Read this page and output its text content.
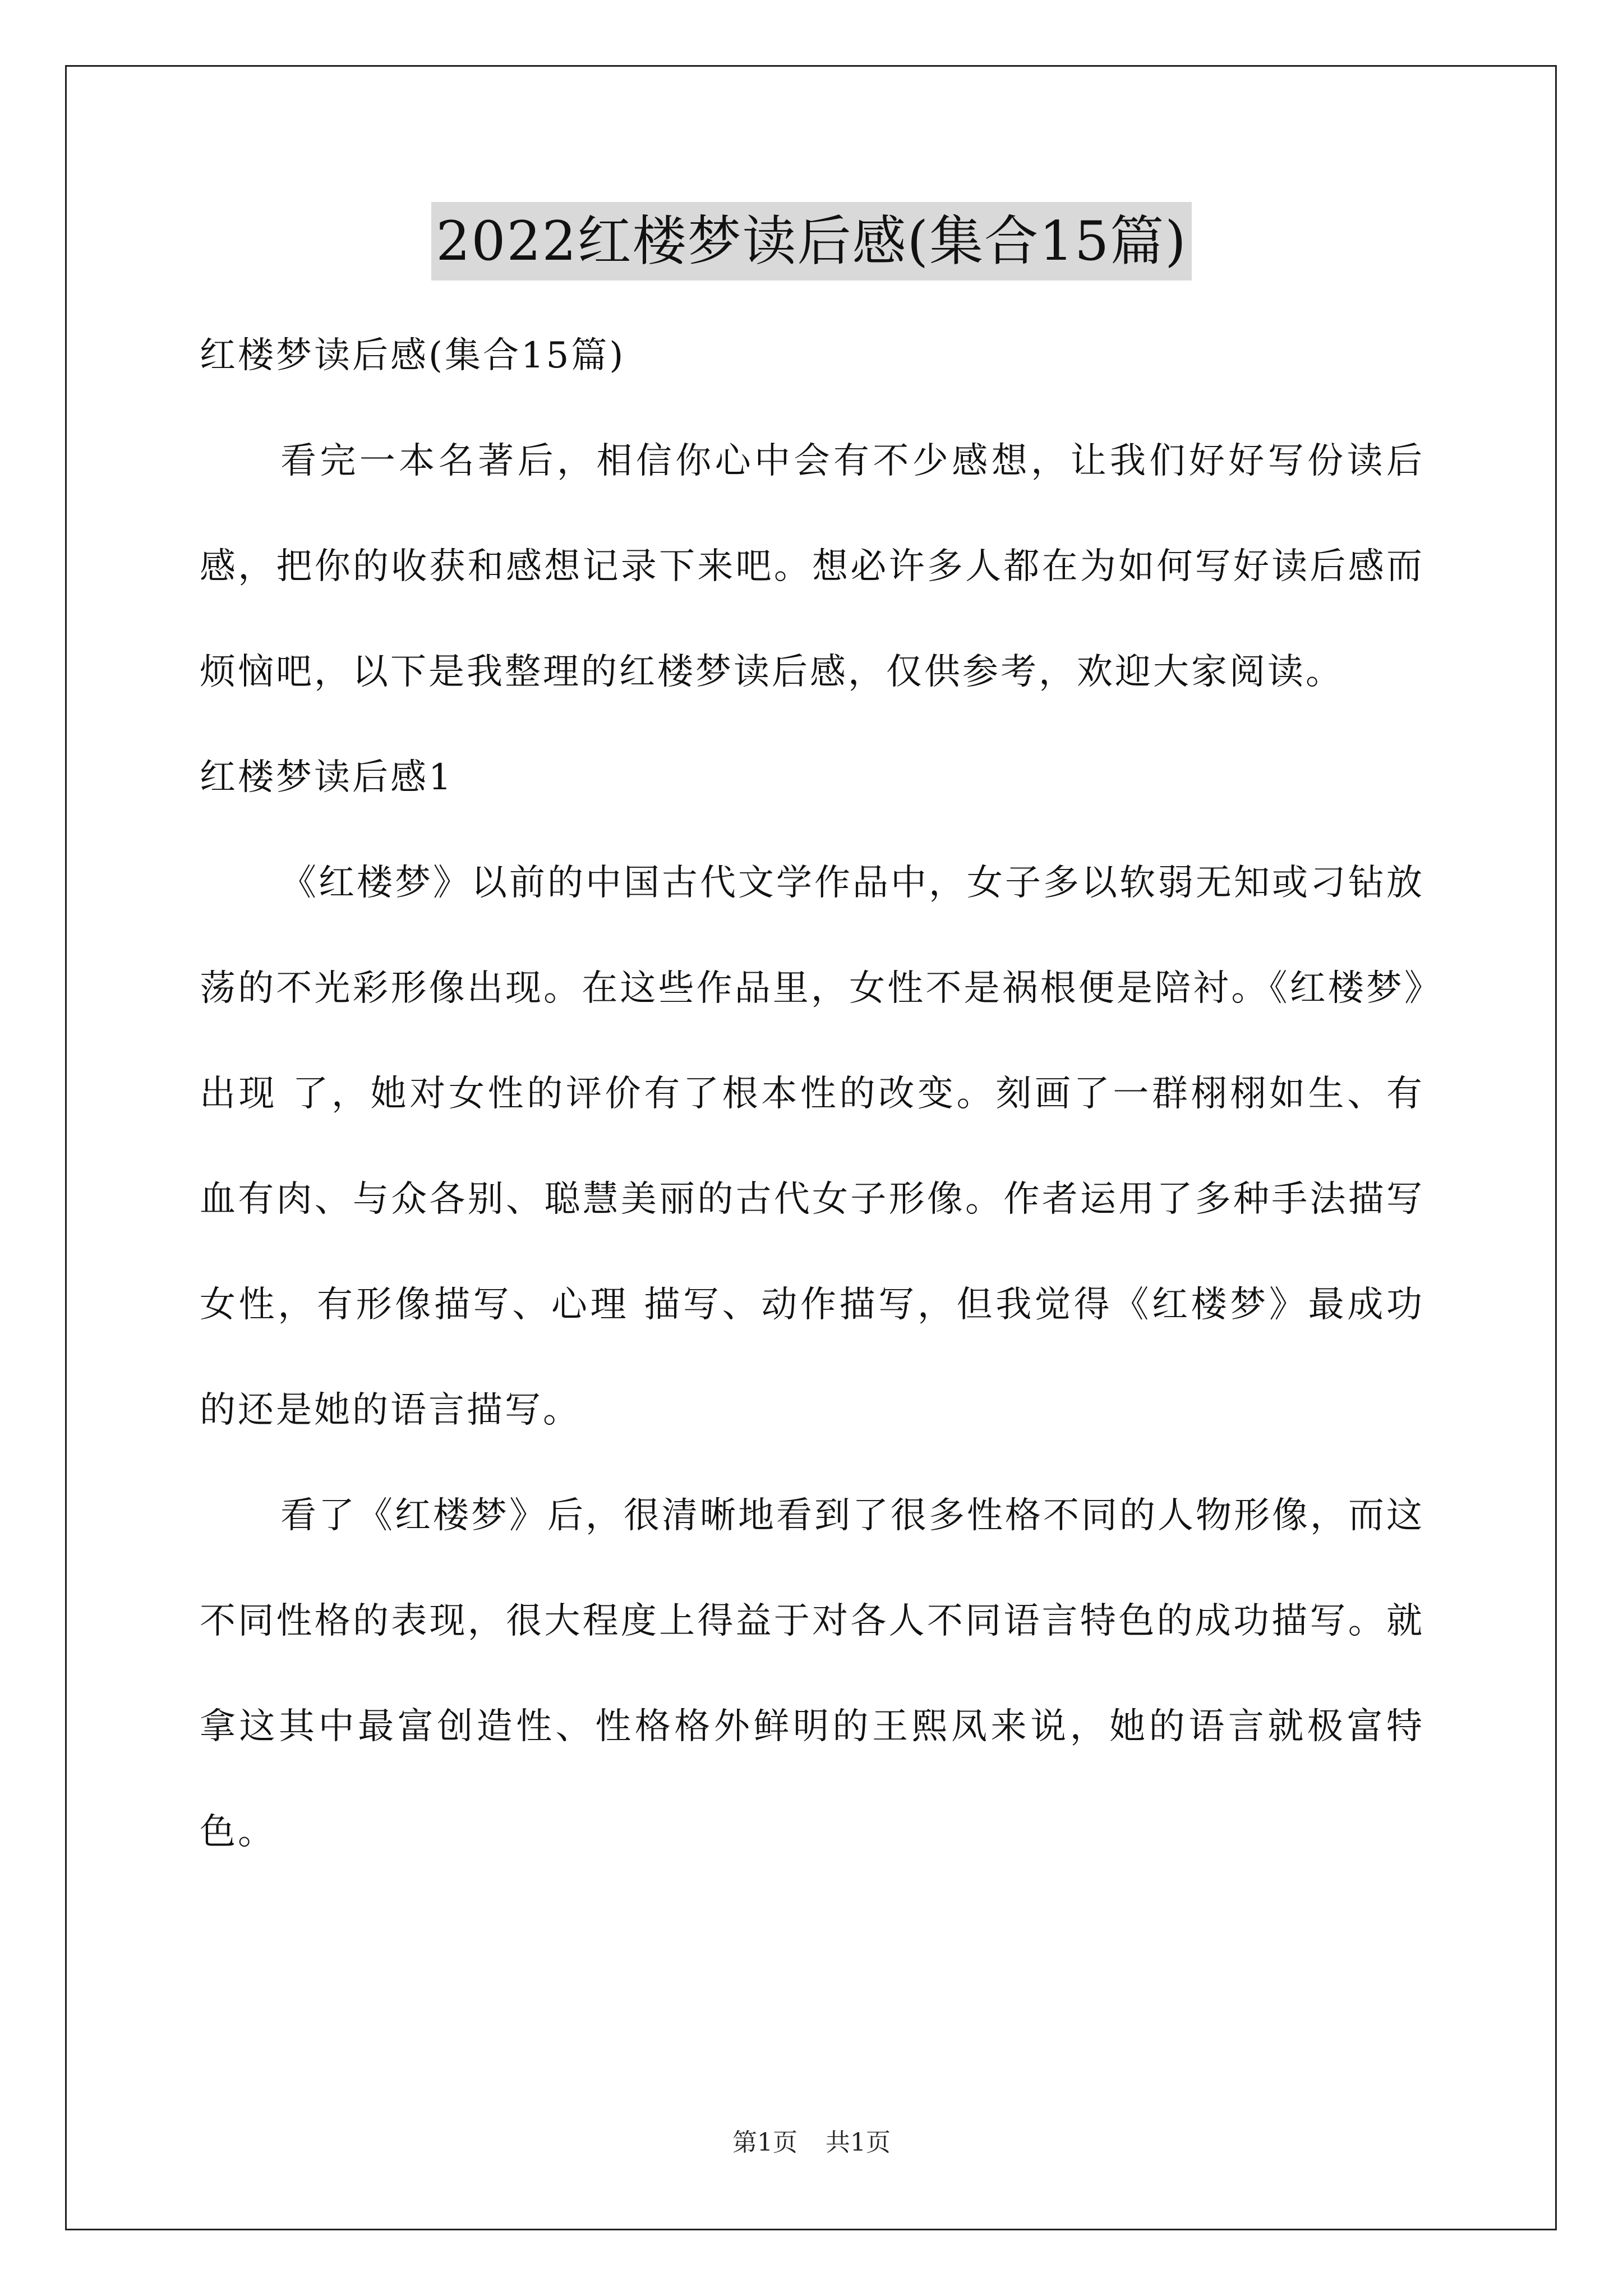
2022红楼梦读后感(集合15篇)

红楼梦读后感(集合15篇)

看完一本名著后，相信你心中会有不少感想，让我们好好写份读后感，把你的收获和感想记录下来吧。想必许多人都在为如何写好读后感而烦恼吧，以下是我整理的红楼梦读后感，仅供参考，欢迎大家阅读。

红楼梦读后感1

《红楼梦》以前的中国古代文学作品中，女子多以软弱无知或刁钻放荡的不光彩形像出现。在这些作品里，女性不是祸根便是陪衬。《红楼梦》出现 了，她对女性的评价有了根本性的改变。刻画了一群栩栩如生、有血有肉、与众各别、聪慧美丽的古代女子形像。作者运用了多种手法描写女性，有形像描写、心理 描写、动作描写，但我觉得《红楼梦》最成功的还是她的语言描写。

看了《红楼梦》后，很清晰地看到了很多性格不同的人物形像，而这不同性格的表现，很大程度上得益于对各人不同语言特色的成功描写。就拿这其中最富创造性、性格格外鲜明的王熙凤来说，她的语言就极富特色。

第1页 共1页
